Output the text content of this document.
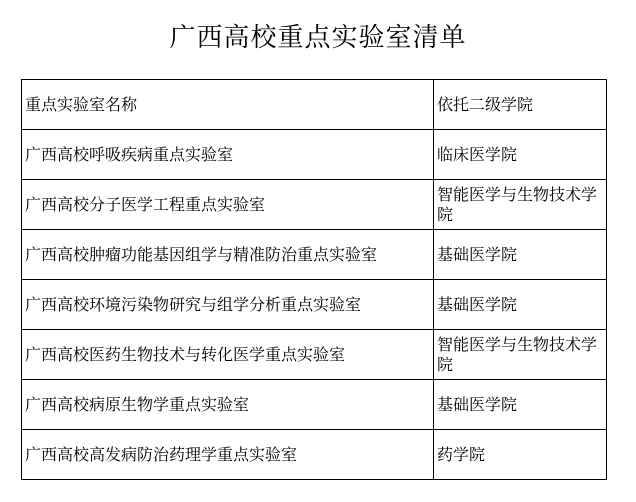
广西高校重点实验室清单
重点实验室名称	依托二级学院
广西高校呼吸疾病重点实验室	临床医学院
广西高校分子医学工程重点实验室	智能医学与生物技术学院
广西高校肿瘤功能基因组学与精准防治重点实验室	基础医学院
广西高校环境污染物研究与组学分析重点实验室	基础医学院
广西高校医药生物技术与转化医学重点实验室	智能医学与生物技术学院
广西高校病原生物学重点实验室	基础医学院
广西高校高发病防治药理学重点实验室	药学院
